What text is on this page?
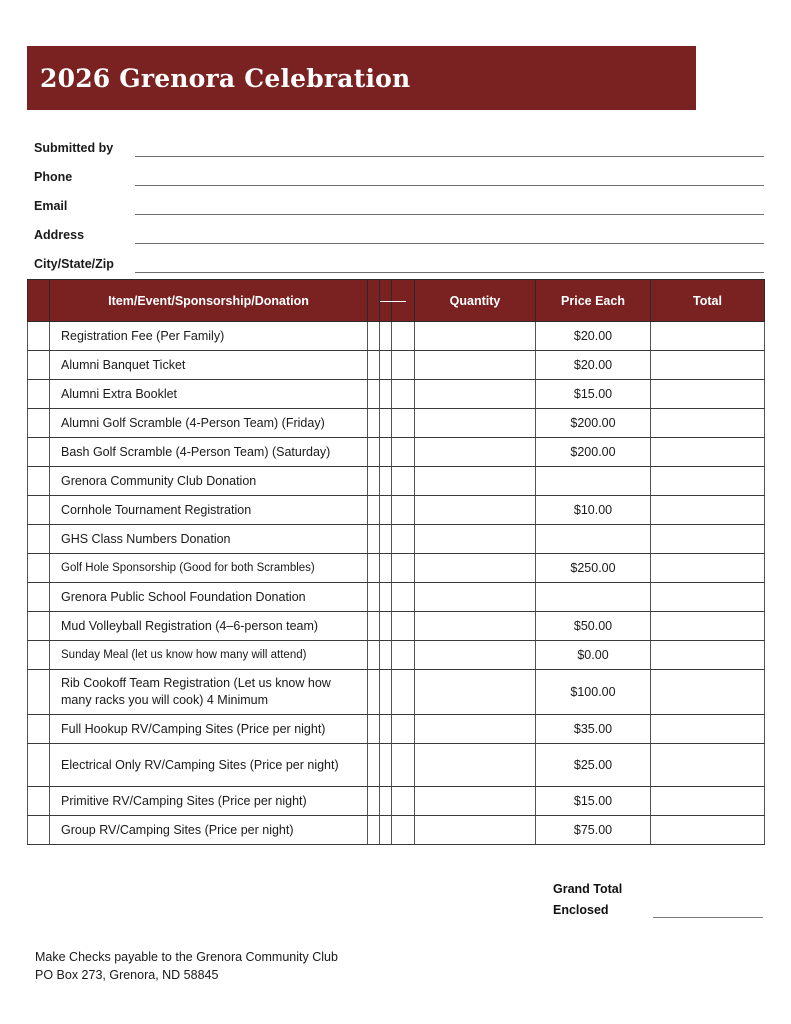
2026 Grenora Celebration
Submitted by
Phone
Email
Address
City/State/Zip
	Item/Event/Sponsorship/Donation				Quantity	Price Each	Total
	Registration Fee (Per Family)					$20.00	
	Alumni Banquet Ticket					$20.00	
	Alumni Extra Booklet					$15.00	
	Alumni Golf Scramble (4-Person Team) (Friday)					$200.00	
	Bash Golf Scramble (4-Person Team) (Saturday)					$200.00	
	Grenora Community Club Donation						
	Cornhole Tournament Registration					$10.00	
	GHS Class Numbers Donation						
	Golf Hole Sponsorship (Good for both Scrambles)					$250.00	
	Grenora Public School Foundation Donation						
	Mud Volleyball Registration (4–6-person team)					$50.00	
	Sunday Meal (let us know how many will attend)					$0.00	
	Rib Cookoff Team Registration (Let us know how many racks you will cook) 4 Minimum					$100.00	
	Full Hookup RV/Camping Sites (Price per night)					$35.00	
	Electrical Only RV/Camping Sites (Price per night)					$25.00	
	Primitive RV/Camping Sites (Price per night)					$15.00	
	Group RV/Camping Sites (Price per night)					$75.00	
Grand Total
Enclosed
Make Checks payable to the Grenora Community Club
PO Box 273, Grenora, ND 58845
